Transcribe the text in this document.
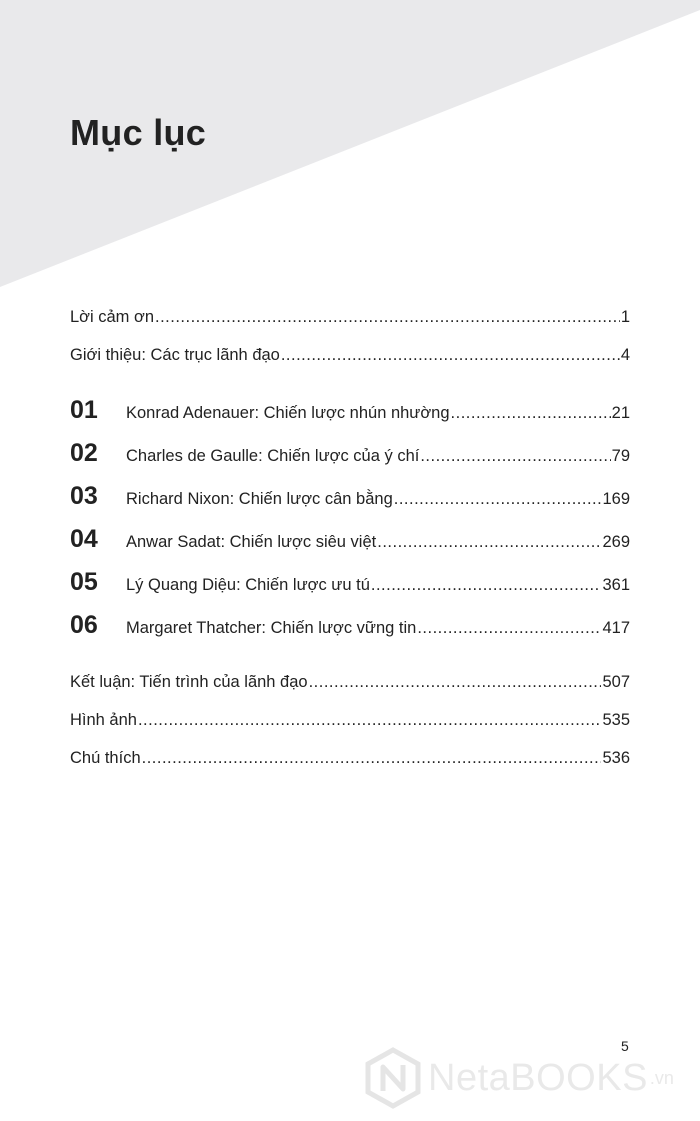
Mục lục
Lời cảm ơn .....	1
Giới thiệu: Các trục lãnh đạo .....	4
01	Konrad Adenauer: Chiến lược nhún nhường .....	21
02	Charles de Gaulle: Chiến lược của ý chí .....	79
03	Richard Nixon: Chiến lược cân bằng .....	169
04	Anwar Sadat: Chiến lược siêu việt .....	269
05	Lý Quang Diệu: Chiến lược ưu tú .....	361
06	Margaret Thatcher: Chiến lược vững tin .....	417
Kết luận: Tiến trình của lãnh đạo .....	507
Hình ảnh .....	535
Chú thích .....	536
5
NetaBOOKS .vn
